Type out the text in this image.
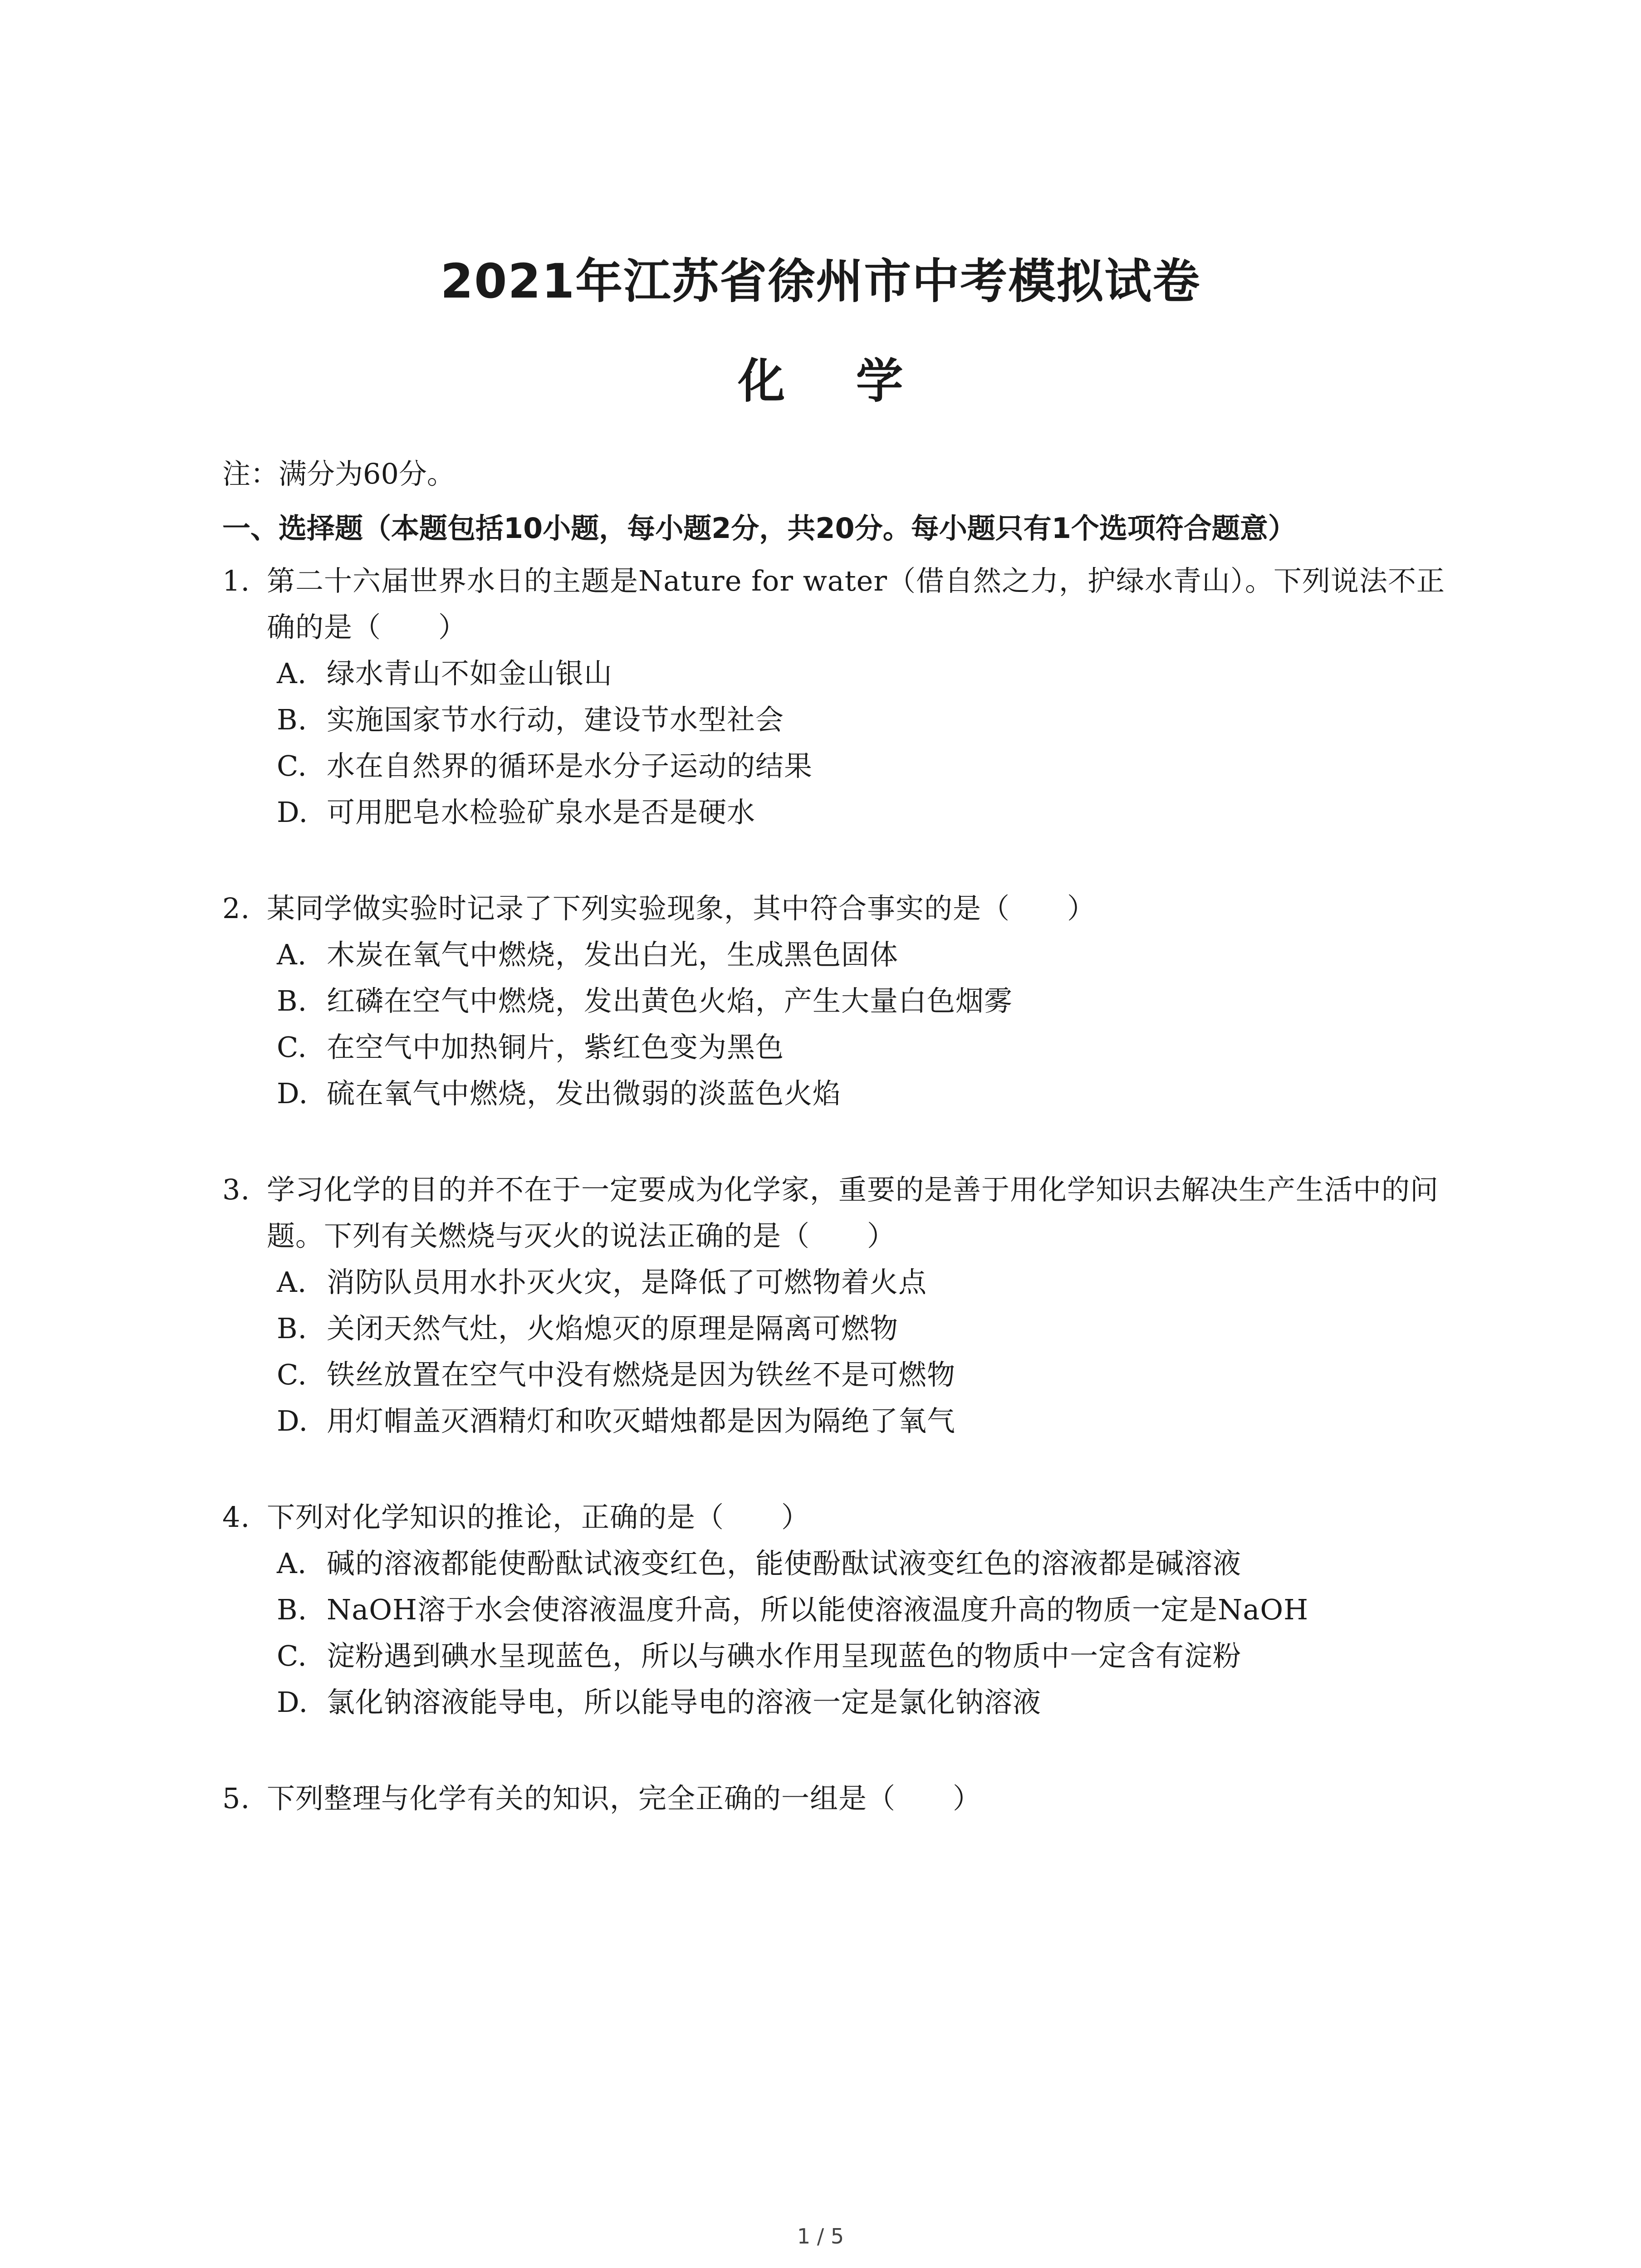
2021年江苏省徐州市中考模拟试卷
化 学
注：满分为60分。
一、选择题（本题包括10小题，每小题2分，共20分。每小题只有1个选项符合题意）
1. 第二十六届世界水日的主题是Nature for water（借自然之力，护绿水青山）。下列说法不正确的是（　　）
A. 绿水青山不如金山银山
B. 实施国家节水行动，建设节水型社会
C. 水在自然界的循环是水分子运动的结果
D. 可用肥皂水检验矿泉水是否是硬水
2. 某同学做实验时记录了下列实验现象，其中符合事实的是（　　）
A. 木炭在氧气中燃烧，发出白光，生成黑色固体
B. 红磷在空气中燃烧，发出黄色火焰，产生大量白色烟雾
C. 在空气中加热铜片，紫红色变为黑色
D. 硫在氧气中燃烧，发出微弱的淡蓝色火焰
3. 学习化学的目的并不在于一定要成为化学家，重要的是善于用化学知识去解决生产生活中的问题。下列有关燃烧与灭火的说法正确的是（　　）
A. 消防队员用水扑灭火灾，是降低了可燃物着火点
B. 关闭天然气灶，火焰熄灭的原理是隔离可燃物
C. 铁丝放置在空气中没有燃烧是因为铁丝不是可燃物
D. 用灯帽盖灭酒精灯和吹灭蜡烛都是因为隔绝了氧气
4. 下列对化学知识的推论，正确的是（　　）
A. 碱的溶液都能使酚酞试液变红色，能使酚酞试液变红色的溶液都是碱溶液
B. NaOH溶于水会使溶液温度升高，所以能使溶液温度升高的物质一定是NaOH
C. 淀粉遇到碘水呈现蓝色，所以与碘水作用呈现蓝色的物质中一定含有淀粉
D. 氯化钠溶液能导电，所以能导电的溶液一定是氯化钠溶液
5. 下列整理与化学有关的知识，完全正确的一组是（　　）
1 / 5
